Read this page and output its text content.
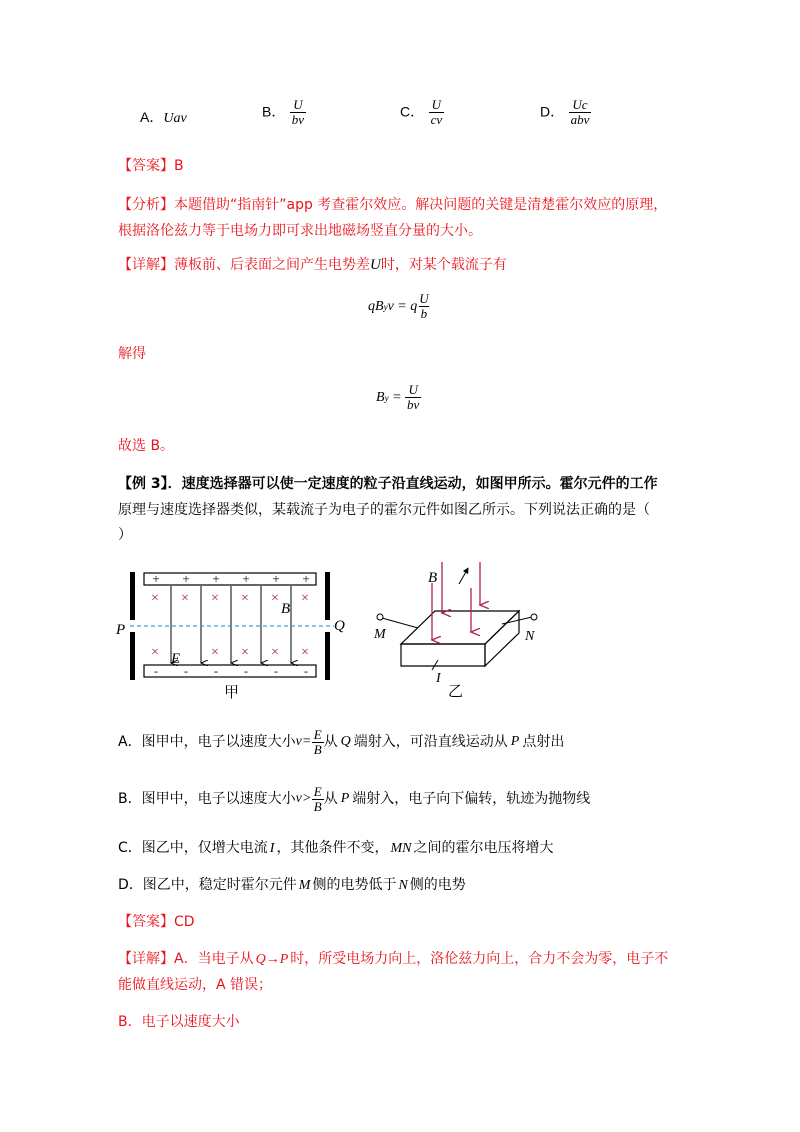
A．Uav	B． $\frac{U}{bv}$	C． $\frac{U}{cv}$	D． $\frac{Uc}{\text{abv}}$
【答案】B
【分析】本题借助“指南针”app 考查霍尔效应。解决问题的关键是清楚霍尔效应的原理，
根据洛伦兹力等于电场力即可求出地磁场竖直分量的大小。
【详解】薄板前、后表面之间产生电势差U时，对某个载流子有
qB y v = q $\frac{U}{b}$
解得
B $y = \frac{U}{bv}$
故选 B。
【例 3】．速度选择器可以使一定速度的粒子沿直线运动，如图甲所示。霍尔元件的工作
原理与速度选择器类似，某载流子为电子的霍尔元件如图乙所示。下列说法正确的是（
）
+ + + + + +
- - - - - -
× × × × × ×
×	× × × ×
P	Q
B
E
甲
B
M	N
I
乙
A．图甲中，电子以速度大小 $v = \frac{E}{B}$ 从 Q 端射入，可沿直线运动从 P 点射出
B．图甲中，电子以速度大小 $v > \frac{E}{B}$ 从 P 端射入，电子向下偏转，轨迹为抛物线
C．图乙中，仅增大电流 I ，其他条件不变， MN 之间的霍尔电压将增大
D．图乙中，稳定时霍尔元件 M 侧的电势低于 N 侧的电势
【答案】CD
【详解】A．当电子从 Q→P 时，所受电场力向上，洛伦兹力向上，合力不会为零，电子不
能做直线运动，A 错误；
B．电子以速度大小
